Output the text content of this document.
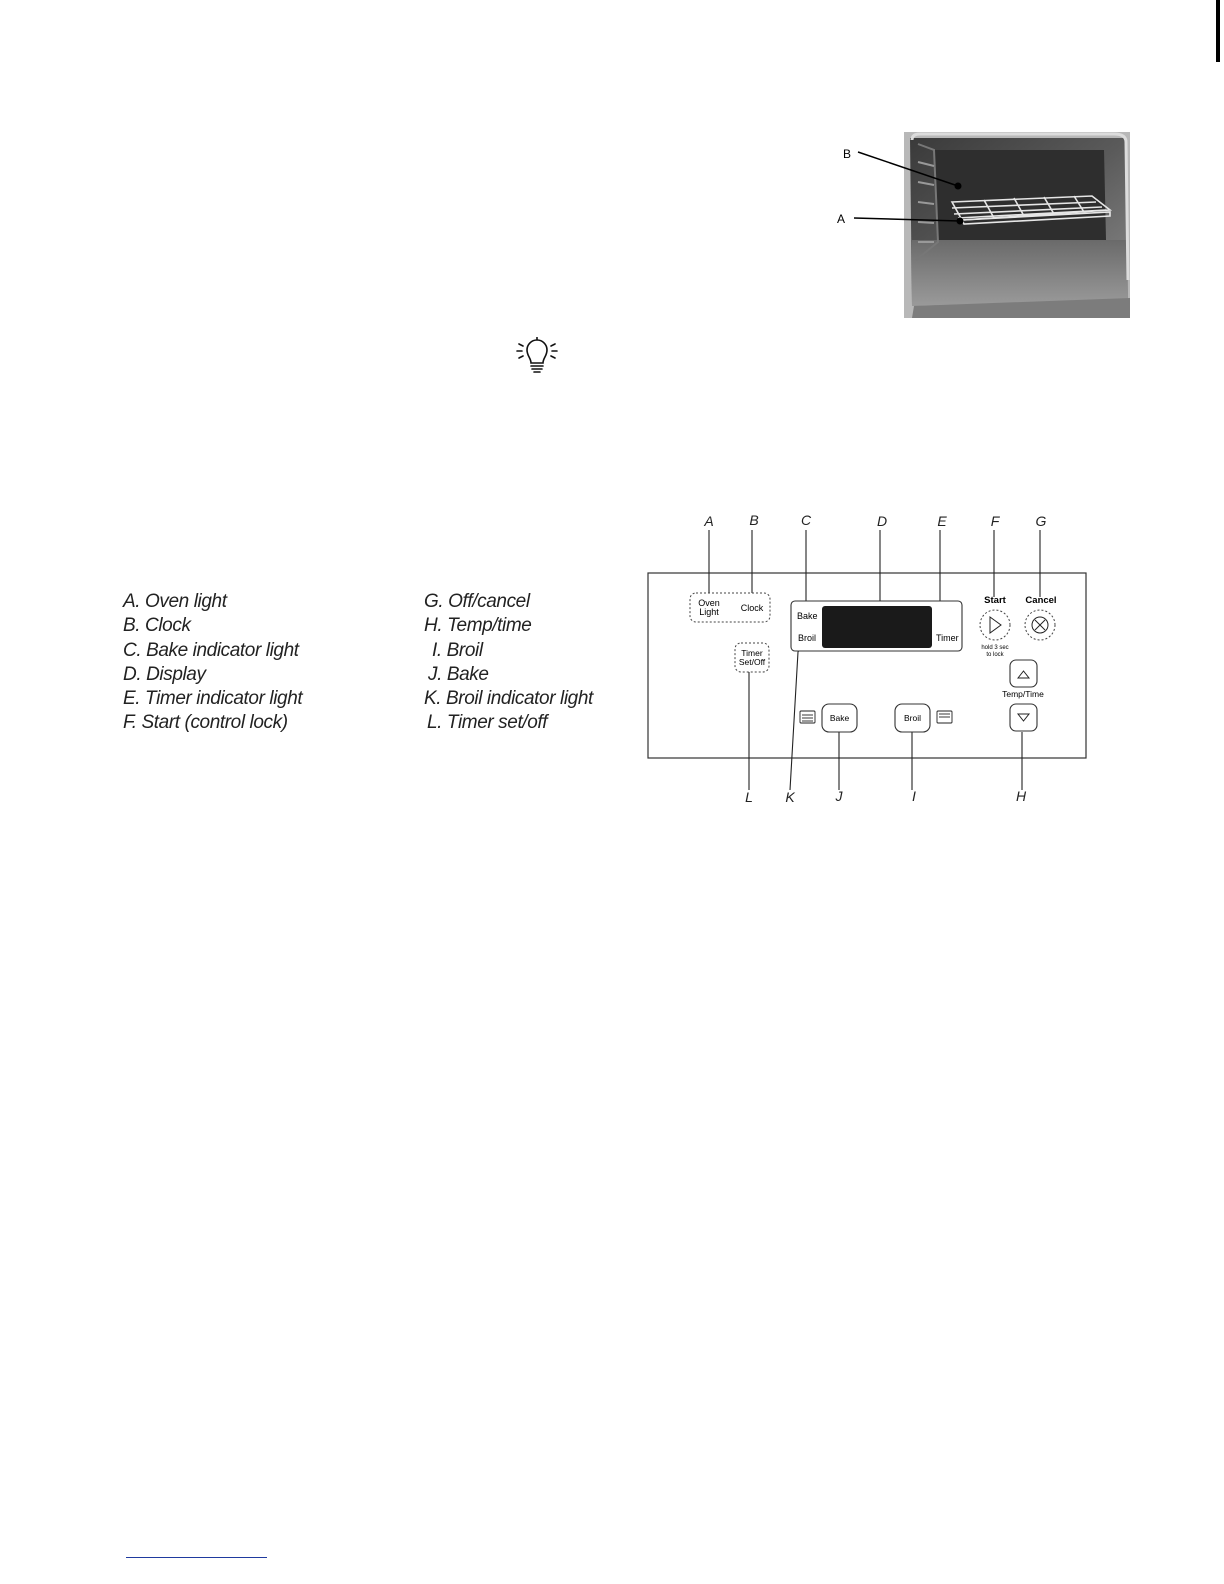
B
A
A. Oven light
B. Clock
C. Bake indicator light
D. Display
E. Timer indicator light
F. Start (control lock)
G. Off/cancel
H. Temp/time
I. Broil
J. Bake
K. Broil indicator light
L. Timer set/off
A	B	C	D	E	F	G
L K	J	I	H
Oven
Light Clock
Bake
Broil	Timer
Start
hold 3 sec
to lock
Cancel
Temp/Time
Timer
Set/Off
Bake	Broil
